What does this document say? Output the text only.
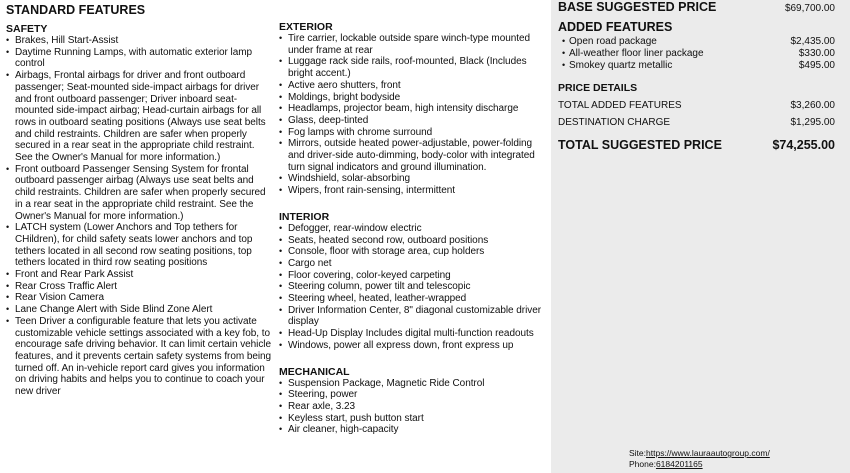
STANDARD FEATURES
SAFETY
• Brakes, Hill Start-Assist
• Daytime Running Lamps, with automatic exterior lamp control
• Airbags, Frontal airbags for driver and front outboard passenger; Seat-mounted side-impact airbags for driver and front outboard passenger; Driver inboard seat-mounted side-impact airbag; Head-curtain airbags for all rows in outboard seating positions (Always use seat belts and child restraints. Children are safer when properly secured in a rear seat in the appropriate child restraint. See the Owner's Manual for more information.)
• Front outboard Passenger Sensing System for frontal outboard passenger airbag (Always use seat belts and child restraints. Children are safer when properly secured in a rear seat in the appropriate child restraint. See the Owner's Manual for more information.)
• LATCH system (Lower Anchors and Top tethers for CHildren), for child safety seats lower anchors and top tethers located in all second row seating positions, top tethers located in third row seating positions
• Front and Rear Park Assist
• Rear Cross Traffic Alert
• Rear Vision Camera
• Lane Change Alert with Side Blind Zone Alert
• Teen Driver a configurable feature that lets you activate customizable vehicle settings associated with a key fob, to encourage safe driving behavior. It can limit certain vehicle features, and it prevents certain safety systems from being turned off. An in-vehicle report card gives you information on driving habits and helps you to continue to coach your new driver
EXTERIOR
• Tire carrier, lockable outside spare winch-type mounted under frame at rear
• Luggage rack side rails, roof-mounted, Black (Includes bright accent.)
• Active aero shutters, front
• Moldings, bright bodyside
• Headlamps, projector beam, high intensity discharge
• Glass, deep-tinted
• Fog lamps with chrome surround
• Mirrors, outside heated power-adjustable, power-folding and driver-side auto-dimming, body-color with integrated turn signal indicators and ground illumination.
• Windshield, solar-absorbing
• Wipers, front rain-sensing, intermittent
INTERIOR
• Defogger, rear-window electric
• Seats, heated second row, outboard positions
• Console, floor with storage area, cup holders
• Cargo net
• Floor covering, color-keyed carpeting
• Steering column, power tilt and telescopic
• Steering wheel, heated, leather-wrapped
• Driver Information Center, 8" diagonal customizable driver display
• Head-Up Display Includes digital multi-function readouts
• Windows, power all express down, front express up
MECHANICAL
• Suspension Package, Magnetic Ride Control
• Steering, power
• Rear axle, 3.23
• Keyless start, push button start
• Air cleaner, high-capacity
BASE SUGGESTED PRICE	$69,700.00
ADDED FEATURES
• Open road package	$2,435.00
• All-weather floor liner package	$330.00
• Smokey quartz metallic	$495.00
PRICE DETAILS
TOTAL ADDED FEATURES	$3,260.00
DESTINATION CHARGE	$1,295.00
TOTAL SUGGESTED PRICE	$74,255.00
Site:https://www.lauraautogroup.com/
Phone:6184201165
